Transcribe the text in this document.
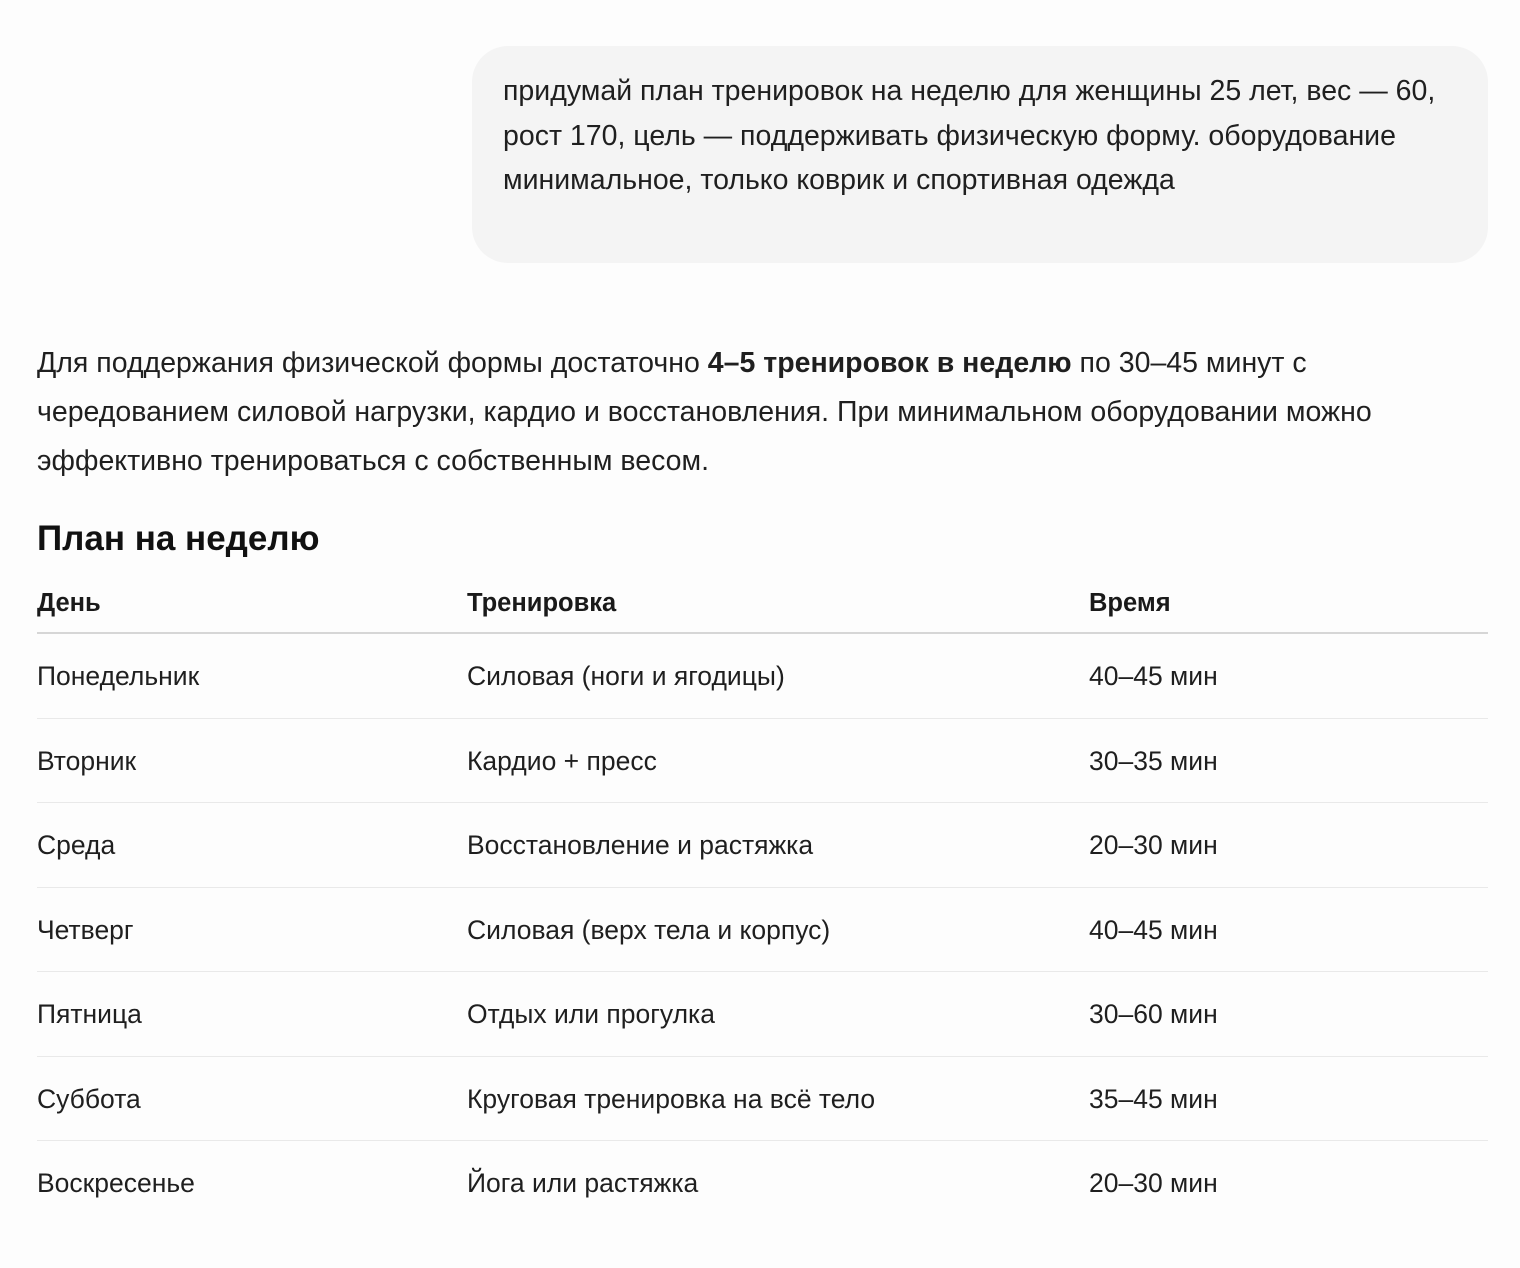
придумай план тренировок на неделю для женщины 25 лет, вес — 60, рост 170, цель — поддерживать физическую форму. оборудование минимальное, только коврик и спортивная одежда

Для поддержания физической формы достаточно 4–5 тренировок в неделю по 30–45 минут с чередованием силовой нагрузки, кардио и восстановления. При минимальном оборудовании можно эффективно тренироваться с собственным весом.

План на неделю
День	Тренировка	Время
Понедельник	Силовая (ноги и ягодицы)	40–45 мин
Вторник	Кардио + пресс	30–35 мин
Среда	Восстановление и растяжка	20–30 мин
Четверг	Силовая (верх тела и корпус)	40–45 мин
Пятница	Отдых или прогулка	30–60 мин
Суббота	Круговая тренировка на всё тело	35–45 мин
Воскресенье	Йога или растяжка	20–30 мин
